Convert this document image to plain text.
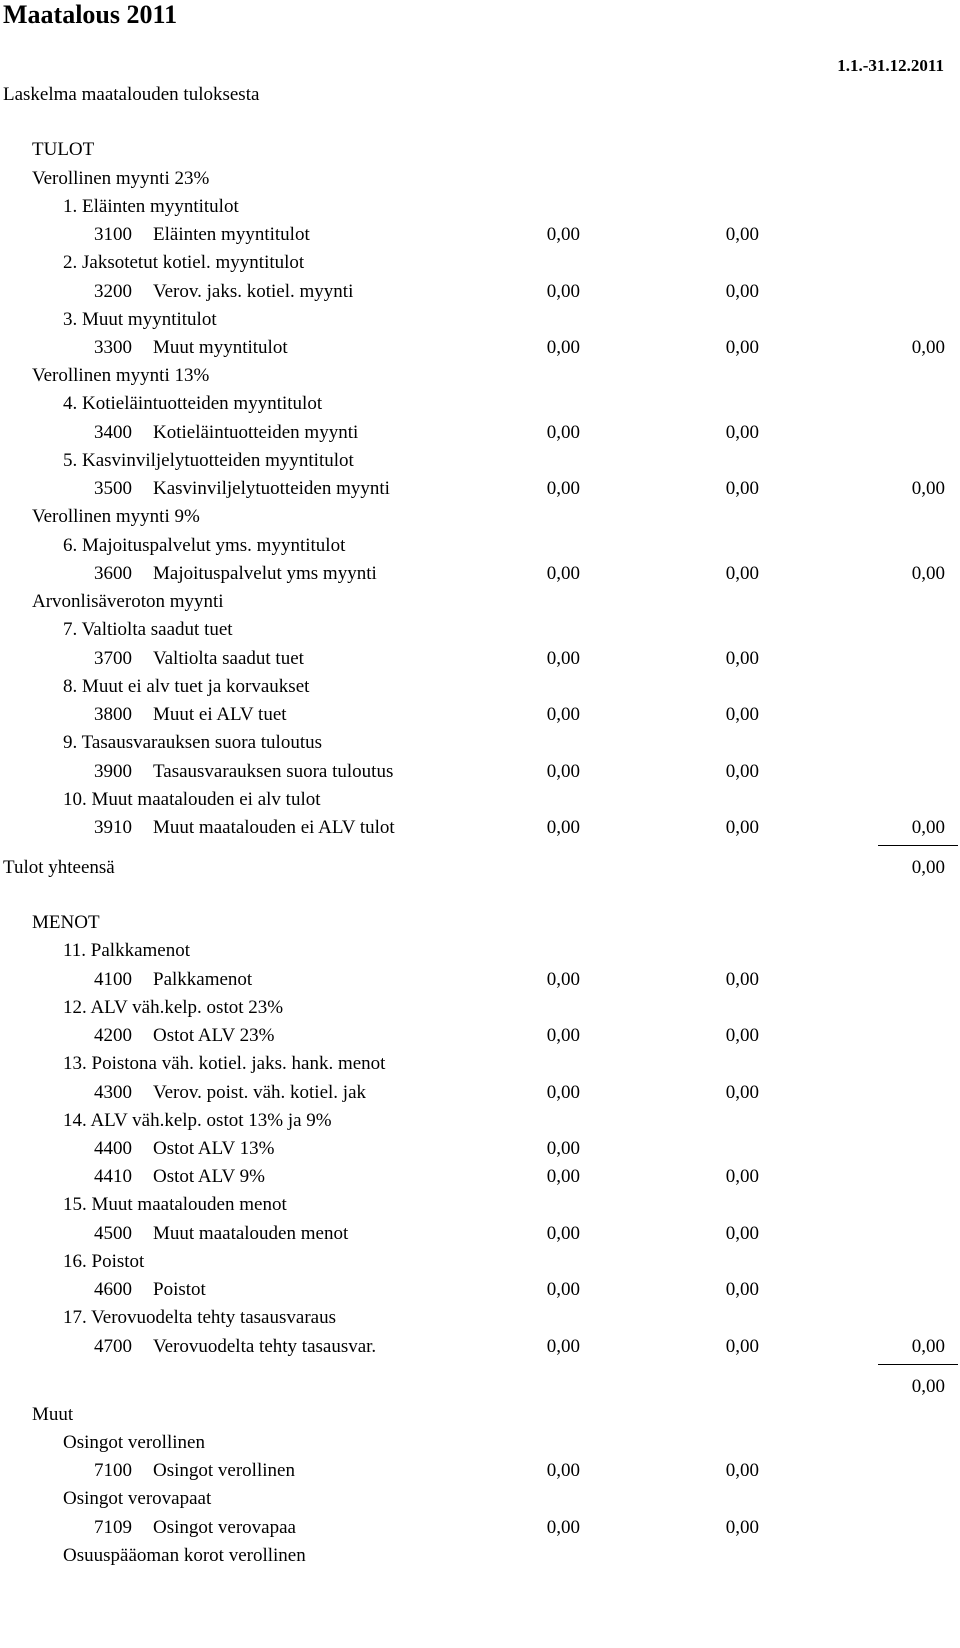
Maatalous 2011
1.1.-31.12.2011
Laskelma maatalouden tuloksesta
TULOT
Verollinen myynti 23%
1. Eläinten myyntitulot
3100 Eläinten myyntitulot	0,00	0,00
2. Jaksotetut kotiel. myyntitulot
3200 Verov. jaks. kotiel. myynti	0,00	0,00
3. Muut myyntitulot
3300 Muut myyntitulot	0,00	0,00	0,00
Verollinen myynti 13%
4. Kotieläintuotteiden myyntitulot
3400 Kotieläintuotteiden myynti	0,00	0,00
5. Kasvinviljelytuotteiden myyntitulot
3500 Kasvinviljelytuotteiden myynti	0,00	0,00	0,00
Verollinen myynti 9%
6. Majoituspalvelut yms. myyntitulot
3600 Majoituspalvelut yms myynti	0,00	0,00	0,00
Arvonlisäveroton myynti
7. Valtiolta saadut tuet
3700 Valtiolta saadut tuet	0,00	0,00
8. Muut ei alv tuet ja korvaukset
3800 Muut ei ALV tuet	0,00	0,00
9. Tasausvarauksen suora tuloutus
3900 Tasausvarauksen suora tuloutus	0,00	0,00
10. Muut maatalouden ei alv tulot
3910 Muut maatalouden ei ALV tulot	0,00	0,00	0,00
Tulot yhteensä	0,00
MENOT
11. Palkkamenot
4100 Palkkamenot	0,00	0,00
12. ALV väh.kelp. ostot 23%
4200 Ostot ALV 23%	0,00	0,00
13. Poistona väh. kotiel. jaks. hank. menot
4300 Verov. poist. väh. kotiel. jak	0,00	0,00
14. ALV väh.kelp. ostot 13% ja 9%
4400 Ostot ALV 13%	0,00
4410 Ostot ALV 9%	0,00	0,00
15. Muut maatalouden menot
4500 Muut maatalouden menot	0,00	0,00
16. Poistot
4600 Poistot	0,00	0,00
17. Verovuodelta tehty tasausvaraus
4700 Verovuodelta tehty tasausvar.	0,00	0,00	0,00
0,00
Muut
Osingot verollinen
7100 Osingot verollinen	0,00	0,00
Osingot verovapaat
7109 Osingot verovapaa	0,00	0,00
Osuuspääoman korot verollinen
